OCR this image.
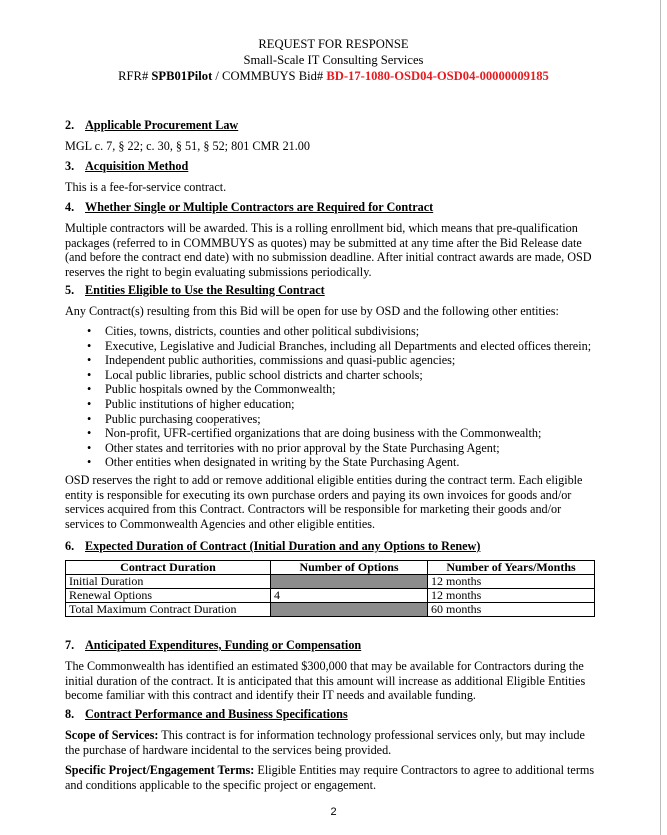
REQUEST FOR RESPONSE
Small-Scale IT Consulting Services
RFR# SPB01Pilot / COMMBUYS Bid# BD-17-1080-OSD04-OSD04-00000009185
2. Applicable Procurement Law
MGL c. 7, § 22; c. 30, § 51, § 52; 801 CMR 21.00
3. Acquisition Method
This is a fee-for-service contract.
4. Whether Single or Multiple Contractors are Required for Contract
Multiple contractors will be awarded. This is a rolling enrollment bid, which means that pre-qualification packages (referred to in COMMBUYS as quotes) may be submitted at any time after the Bid Release date (and before the contract end date) with no submission deadline. After initial contract awards are made, OSD reserves the right to begin evaluating submissions periodically.
5. Entities Eligible to Use the Resulting Contract
Any Contract(s) resulting from this Bid will be open for use by OSD and the following other entities:
• Cities, towns, districts, counties and other political subdivisions;
• Executive, Legislative and Judicial Branches, including all Departments and elected offices therein;
• Independent public authorities, commissions and quasi-public agencies;
• Local public libraries, public school districts and charter schools;
• Public hospitals owned by the Commonwealth;
• Public institutions of higher education;
• Public purchasing cooperatives;
• Non-profit, UFR-certified organizations that are doing business with the Commonwealth;
• Other states and territories with no prior approval by the State Purchasing Agent;
• Other entities when designated in writing by the State Purchasing Agent.
OSD reserves the right to add or remove additional eligible entities during the contract term. Each eligible entity is responsible for executing its own purchase orders and paying its own invoices for goods and/or services acquired from this Contract. Contractors will be responsible for marketing their goods and/or services to Commonwealth Agencies and other eligible entities.
6. Expected Duration of Contract (Initial Duration and any Options to Renew)
Contract Duration	Number of Options	Number of Years/Months
Initial Duration		12 months
Renewal Options	4	12 months
Total Maximum Contract Duration		60 months
7. Anticipated Expenditures, Funding or Compensation
The Commonwealth has identified an estimated $300,000 that may be available for Contractors during the initial duration of the contract. It is anticipated that this amount will increase as additional Eligible Entities become familiar with this contract and identify their IT needs and available funding.
8. Contract Performance and Business Specifications
Scope of Services: This contract is for information technology professional services only, but may include the purchase of hardware incidental to the services being provided.
Specific Project/Engagement Terms: Eligible Entities may require Contractors to agree to additional terms and conditions applicable to the specific project or engagement.
2
